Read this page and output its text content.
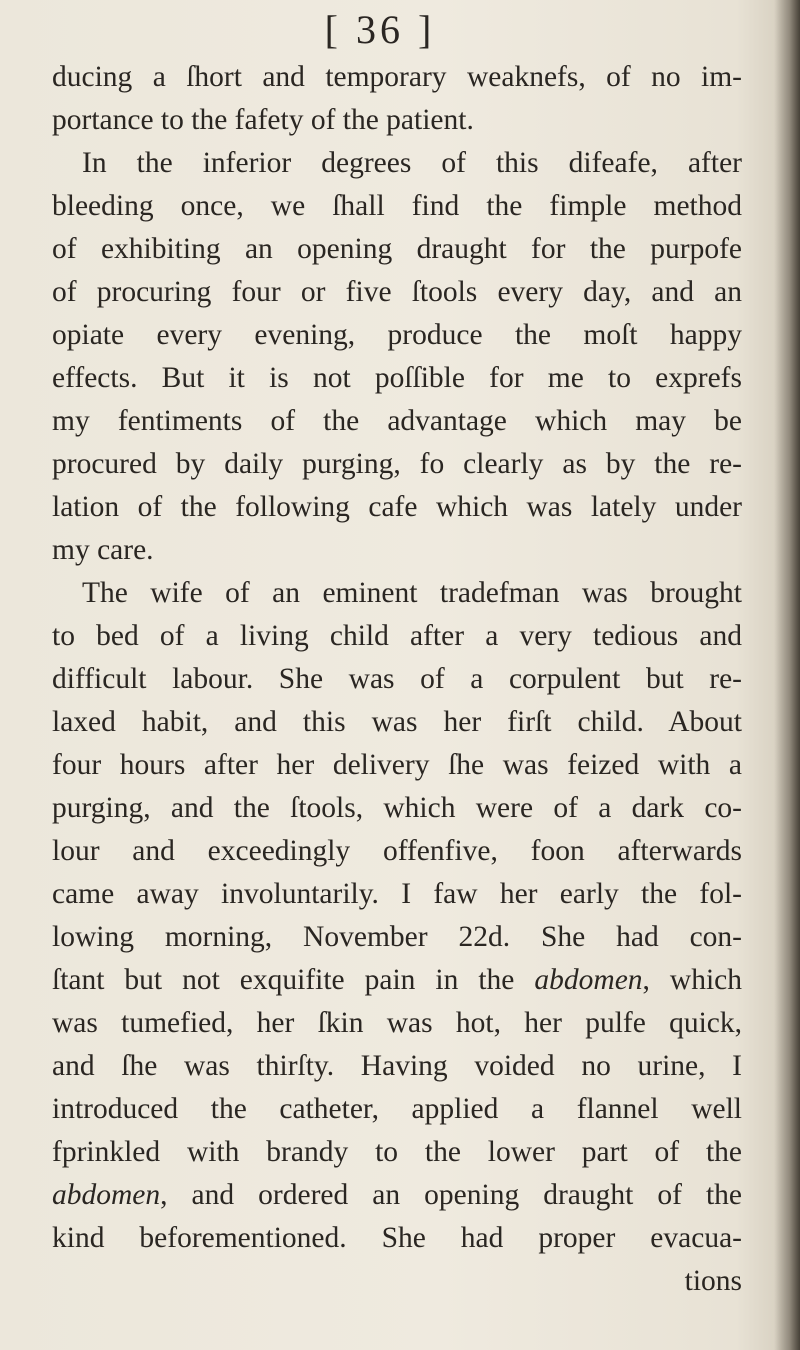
[ 36 ]
ducing a ſhort and temporary weaknefs, of no im-
portance to the fafety of the patient.
In the inferior degrees of this difeafe, after
bleeding once, we ſhall find the fimple method
of exhibiting an opening draught for the purpofe
of procuring four or five ſtools every day, and an
opiate every evening, produce the moſt happy
effects. But it is not poſſible for me to exprefs
my fentiments of the advantage which may be
procured by daily purging, fo clearly as by the re-
lation of the following cafe which was lately under
my care.
The wife of an eminent tradefman was brought
to bed of a living child after a very tedious and
difficult labour. She was of a corpulent but re-
laxed habit, and this was her firſt child. About
four hours after her delivery ſhe was feized with a
purging, and the ſtools, which were of a dark co-
lour and exceedingly offenfive, foon afterwards
came away involuntarily. I faw her early the fol-
lowing morning, November 22d. She had con-
ſtant but not exquifite pain in the abdomen, which
was tumefied, her ſkin was hot, her pulfe quick,
and ſhe was thirſty. Having voided no urine, I
introduced the catheter, applied a flannel well
fprinkled with brandy to the lower part of the
abdomen, and ordered an opening draught of the
kind beforementioned. She had proper evacua-
tions
